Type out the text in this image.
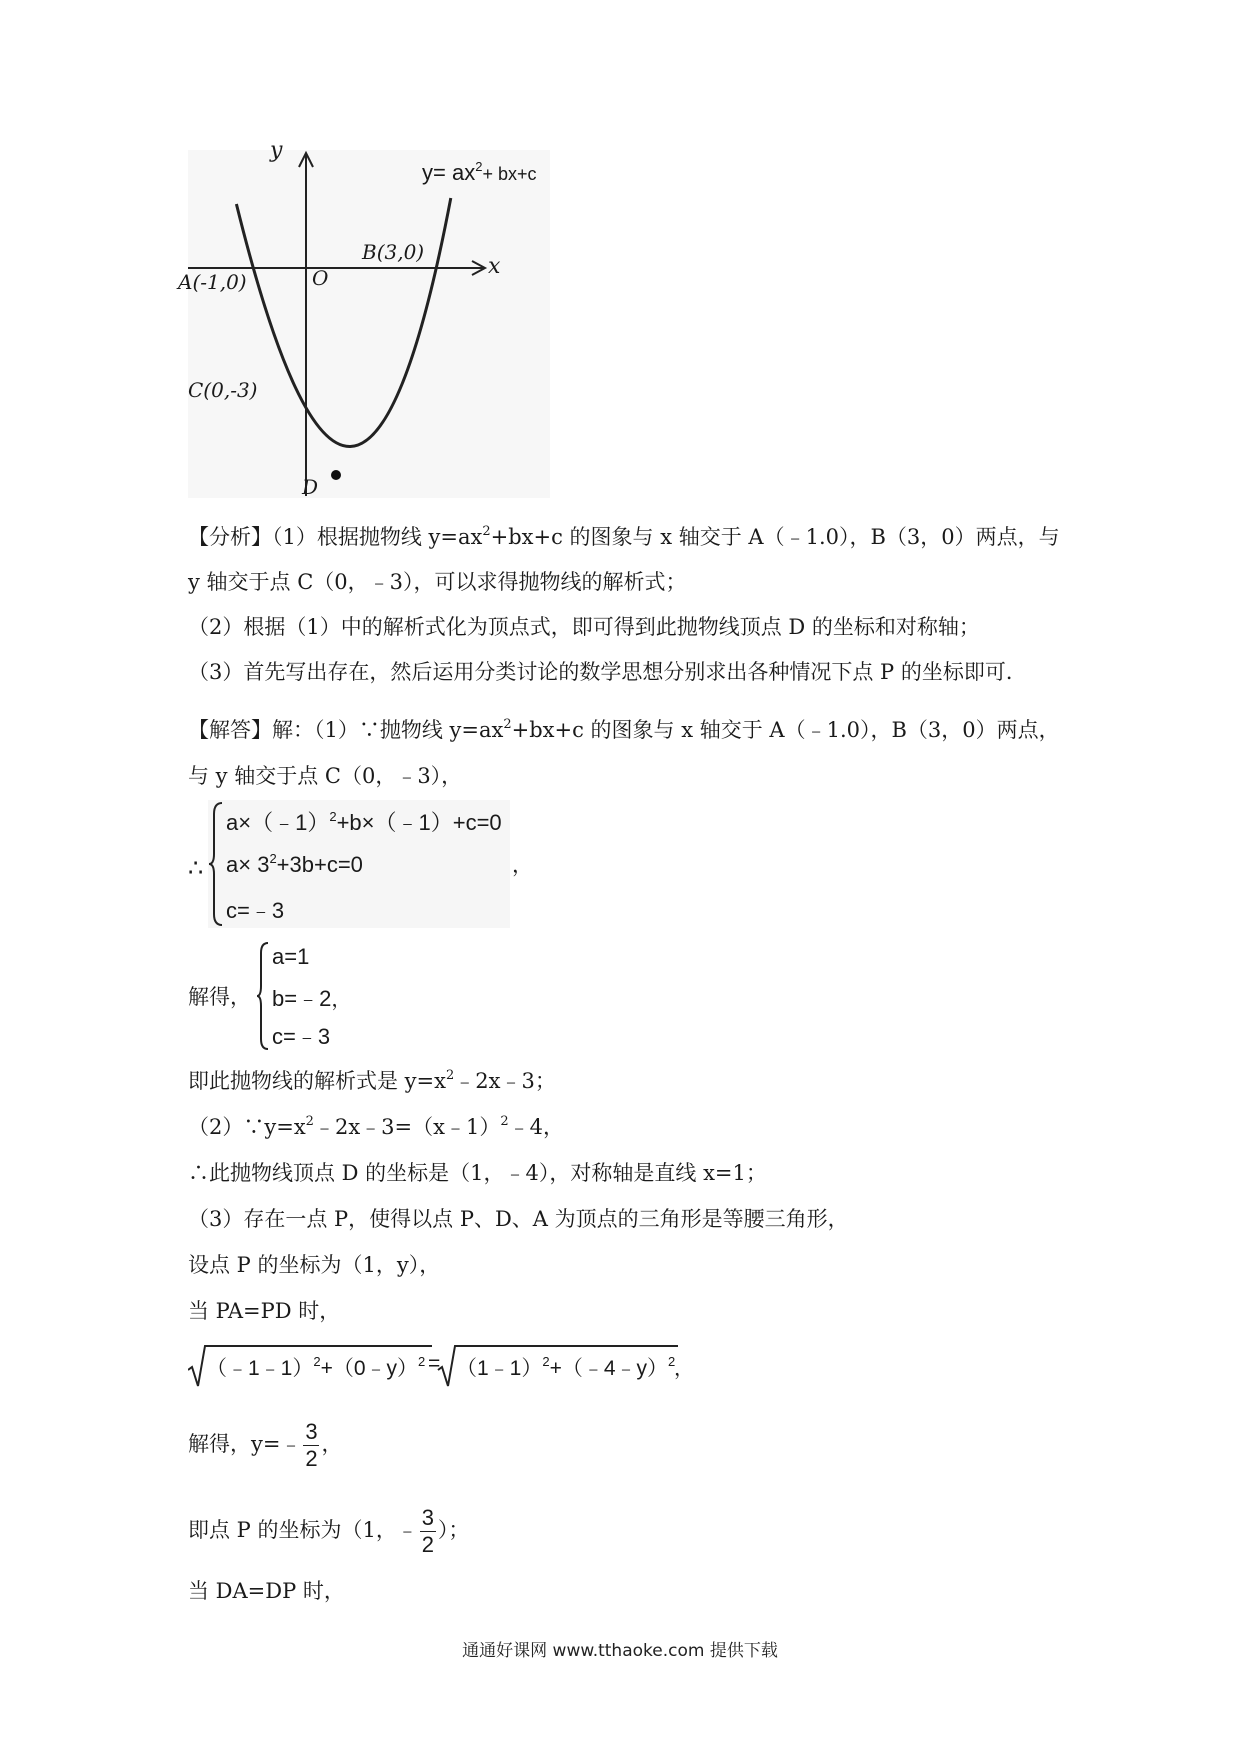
y
x
O
$y= ax^2+ bx+c$
A(-1,0)
B(3,0)
C(0,-3)
D
【分析】（1）根据抛物线 $y=ax^2+bx+c$ 的图象与 x 轴交于 A（﹣1.0），B（3，0）两点，与
y 轴交于点 C（0，﹣3），可以求得抛物线的解析式；
（2）根据（1）中的解析式化为顶点式，即可得到此抛物线顶点 D 的坐标和对称轴；
（3）首先写出存在，然后运用分类讨论的数学思想分别求出各种情况下点 P 的坐标即可．
【解答】解：（1）∵抛物线 $y=ax^2+bx+c$ 的图象与 x 轴交于 A（﹣1.0），B（3，0）两点，
与 y 轴交于点 C（0，﹣3），
∴
a×（﹣1）$^2$+b×（﹣1）+c=0
$a\times 3^2+3b+c=0$
c=﹣3
，
解得，
a=1
b=﹣2，
c=﹣3
即此抛物线的解析式是 $y=x^2﹣2x﹣3$；
$(2)\because y=x^2﹣2x﹣3=(x﹣1)^2﹣4$，
∴此抛物线顶点 D 的坐标是（1，﹣4），对称轴是直线 x=1；
（3）存在一点 P，使得以点 P、D、A 为顶点的三角形是等腰三角形，
设点 P 的坐标为（1，y），
当 PA=PD 时，
（﹣1﹣1）$^2$+（0﹣y）$^2$ = （1﹣1）$^2$+（﹣4﹣y）$^2$
，
解得，y=﹣ $\frac{3}{2}$ ，
即点 P 的坐标为（1，﹣ $\frac{3}{2}$ ）；
当 DA=DP 时，
通通好课网 www.tthaoke.com 提供下载
